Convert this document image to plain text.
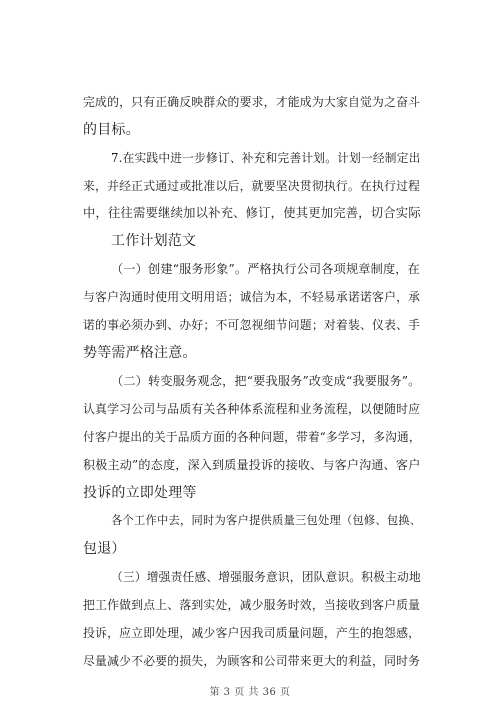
完成的，只有正确反映群众的要求，才能成为大家自觉为之奋斗
的目标。
7.在实践中进一步修订、补充和完善计划。计划一经制定出
来，并经正式通过或批准以后，就要坚决贯彻执行。在执行过程
中，往往需要继续加以补充、修订，使其更加完善，切合实际
工作计划范文
（一）创建“服务形象”。严格执行公司各项规章制度，在
与客户沟通时使用文明用语；诚信为本，不轻易承诺诺客户，承
诺的事必须办到、办好；不可忽视细节问题；对着装、仪表、手
势等需严格注意。
（二）转变服务观念，把“要我服务”改变成“我要服务”。
认真学习公司与品质有关各种体系流程和业务流程，以便随时应
付客户提出的关于品质方面的各种问题，带着“多学习，多沟通，
积极主动”的态度，深入到质量投诉的接收、与客户沟通、客户
投诉的立即处理等
各个工作中去，同时为客户提供质量三包处理（包修、包换、
包退）
（三）增强责任感、增强服务意识，团队意识。积极主动地
把工作做到点上、落到实处，减少服务时效，当接收到客户质量
投诉，应立即处理，减少客户因我司质量问题，产生的抱怨感，
尽量减少不必要的损失，为顾客和公司带来更大的利益，同时务
第 3 页 共 36 页
